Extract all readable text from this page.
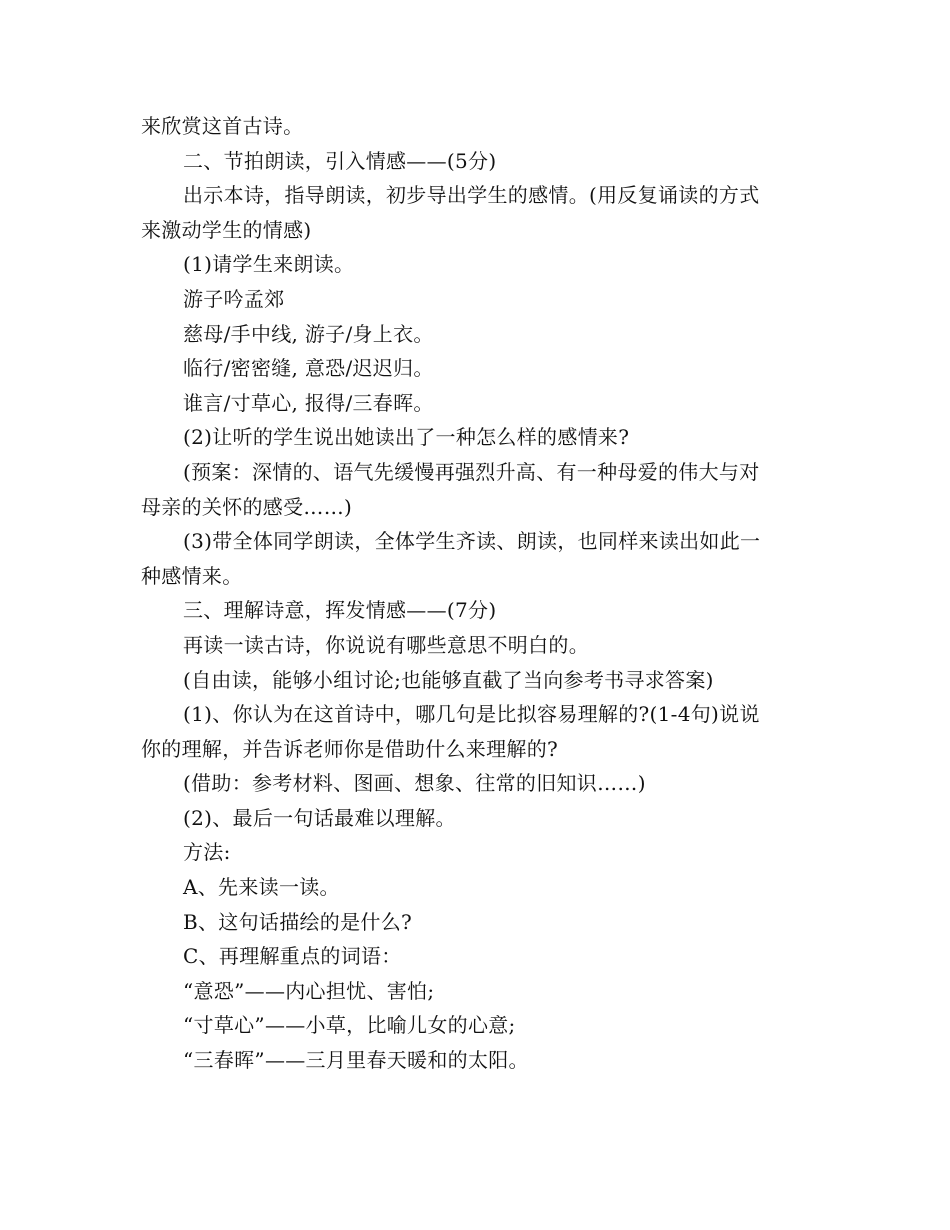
来欣赏这首古诗。
二、节拍朗读，引入情感——(5分)
出示本诗，指导朗读，初步导出学生的感情。(用反复诵读的方式
来激动学生的情感)
(1)请学生来朗读。
游子吟孟郊
慈母/手中线, 游子/身上衣。
临行/密密缝, 意恐/迟迟归。
谁言/寸草心, 报得/三春晖。
(2)让听的学生说出她读出了一种怎么样的感情来?
(预案：深情的、语气先缓慢再强烈升高、有一种母爱的伟大与对
母亲的关怀的感受……)
(3)带全体同学朗读，全体学生齐读、朗读，也同样来读出如此一
种感情来。
三、理解诗意，挥发情感——(7分)
再读一读古诗，你说说有哪些意思不明白的。
(自由读，能够小组讨论;也能够直截了当向参考书寻求答案)
(1)、你认为在这首诗中，哪几句是比拟容易理解的?(1-4句)说说
你的理解，并告诉老师你是借助什么来理解的?
(借助：参考材料、图画、想象、往常的旧知识……)
(2)、最后一句话最难以理解。
方法:
A、先来读一读。
B、这句话描绘的是什么?
C、再理解重点的词语：
“意恐”——内心担忧、害怕;
“寸草心”——小草，比喻儿女的心意;
“三春晖”——三月里春天暖和的太阳。
